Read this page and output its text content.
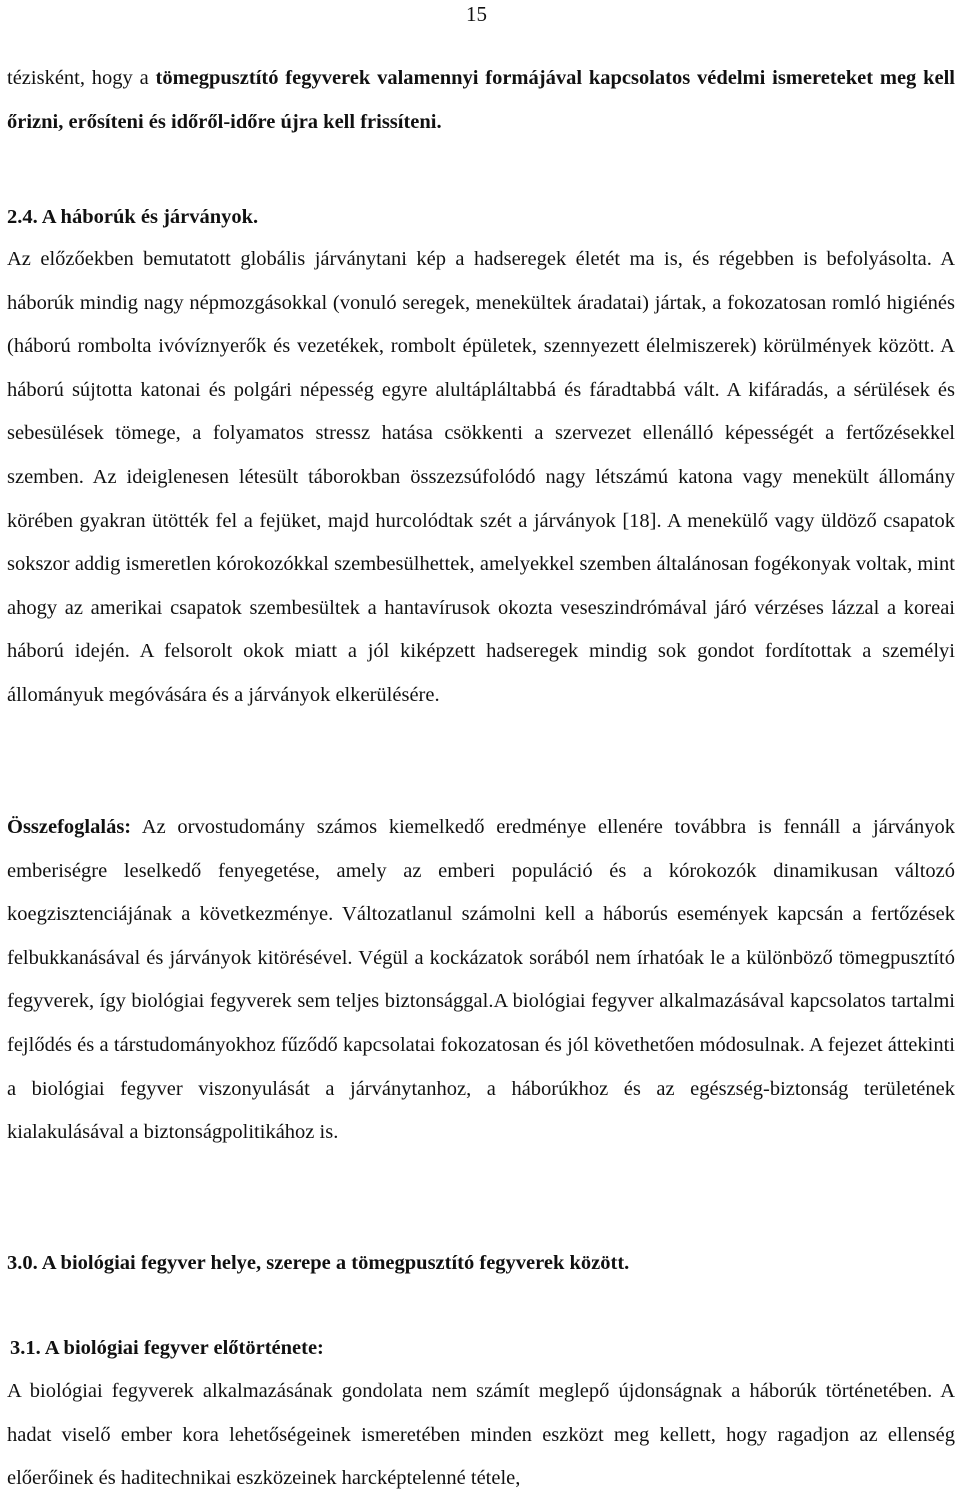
15

tézisként, hogy a tömegpusztító fegyverek valamennyi formájával kapcsolatos védelmi ismereteket meg kell őrizni, erősíteni és időről-időre újra kell frissíteni.

2.4. A háborúk és járványok.

Az előzőekben bemutatott globális járványtani kép a hadseregek életét ma is, és régebben is befolyásolta. A háborúk mindig nagy népmozgásokkal (vonuló seregek, menekültek áradatai) jártak, a fokozatosan romló higiénés (háború rombolta ivóvíznyerők és vezetékek, rombolt épületek, szennyezett élelmiszerek) körülmények között. A háború sújtotta katonai és polgári népesség egyre alultápláltabbá és fáradtabbá vált. A kifáradás, a sérülések és sebesülések tömege, a folyamatos stressz hatása csökkenti a szervezet ellenálló képességét a fertőzésekkel szemben. Az ideiglenesen létesült táborokban összezsúfolódó nagy létszámú katona vagy menekült állomány körében gyakran ütötték fel a fejüket, majd hurcolódtak szét a járványok [18]. A menekülő vagy üldöző csapatok sokszor addig ismeretlen kórokozókkal szembesülhettek, amelyekkel szemben általánosan fogékonyak voltak, mint ahogy az amerikai csapatok szembesültek a hantavírusok okozta veseszindrómával járó vérzéses lázzal a koreai háború idején. A felsorolt okok miatt a jól kiképzett hadseregek mindig sok gondot fordítottak a személyi állományuk megóvására és a járványok elkerülésére.

Összefoglalás: Az orvostudomány számos kiemelkedő eredménye ellenére továbbra is fennáll a járványok emberiségre leselkedő fenyegetése, amely az emberi populáció és a kórokozók dinamikusan változó koegzisztenciájának a következménye. Változatlanul számolni kell a háborús események kapcsán a fertőzések felbukkanásával és járványok kitörésével. Végül a kockázatok sorából nem írhatóak le a különböző tömegpusztító fegyverek, így biológiai fegyverek sem teljes biztonsággal.A biológiai fegyver alkalmazásával kapcsolatos tartalmi fejlődés és a társtudományokhoz fűződő kapcsolatai fokozatosan és jól követhetően módosulnak. A fejezet áttekinti a biológiai fegyver viszonyulását a járványtanhoz, a háborúkhoz és az egészség-biztonság területének kialakulásával a biztonságpolitikához is.

3.0. A biológiai fegyver helye, szerepe a tömegpusztító fegyverek között.
3.1. A biológiai fegyver előtörténete:

A biológiai fegyverek alkalmazásának gondolata nem számít meglepő újdonságnak a háborúk történetében. A hadat viselő ember kora lehetőségeinek ismeretében minden eszközt meg kellett, hogy ragadjon az ellenség előerőinek és haditechnikai eszközeinek harcképtelenné tétele,
